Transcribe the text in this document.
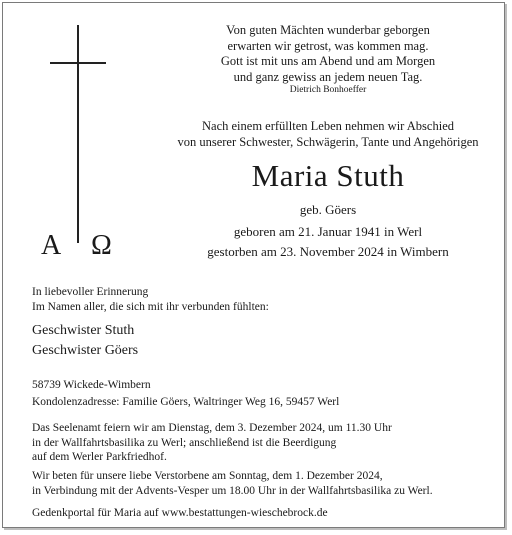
A Ω
Von guten Mächten wunderbar geborgen
erwarten wir getrost, was kommen mag.
Gott ist mit uns am Abend und am Morgen
und ganz gewiss an jedem neuen Tag.
Dietrich Bonhoeffer
Nach einem erfüllten Leben nehmen wir Abschied
von unserer Schwester, Schwägerin, Tante und Angehörigen
Maria Stuth
geb. Göers
geboren am 21. Januar 1941 in Werl
gestorben am 23. November 2024 in Wimbern
In liebevoller Erinnerung
Im Namen aller, die sich mit ihr verbunden fühlten:
Geschwister Stuth
Geschwister Göers
58739 Wickede-Wimbern
Kondolenzadresse: Familie Göers, Waltringer Weg 16, 59457 Werl
Das Seelenamt feiern wir am Dienstag, dem 3. Dezember 2024, um 11.30 Uhr
in der Wallfahrtsbasilika zu Werl; anschließend ist die Beerdigung
auf dem Werler Parkfriedhof.
Wir beten für unsere liebe Verstorbene am Sonntag, dem 1. Dezember 2024,
in Verbindung mit der Advents-Vesper um 18.00 Uhr in der Wallfahrtsbasilika zu Werl.
Gedenkportal für Maria auf www.bestattungen-wieschebrock.de
